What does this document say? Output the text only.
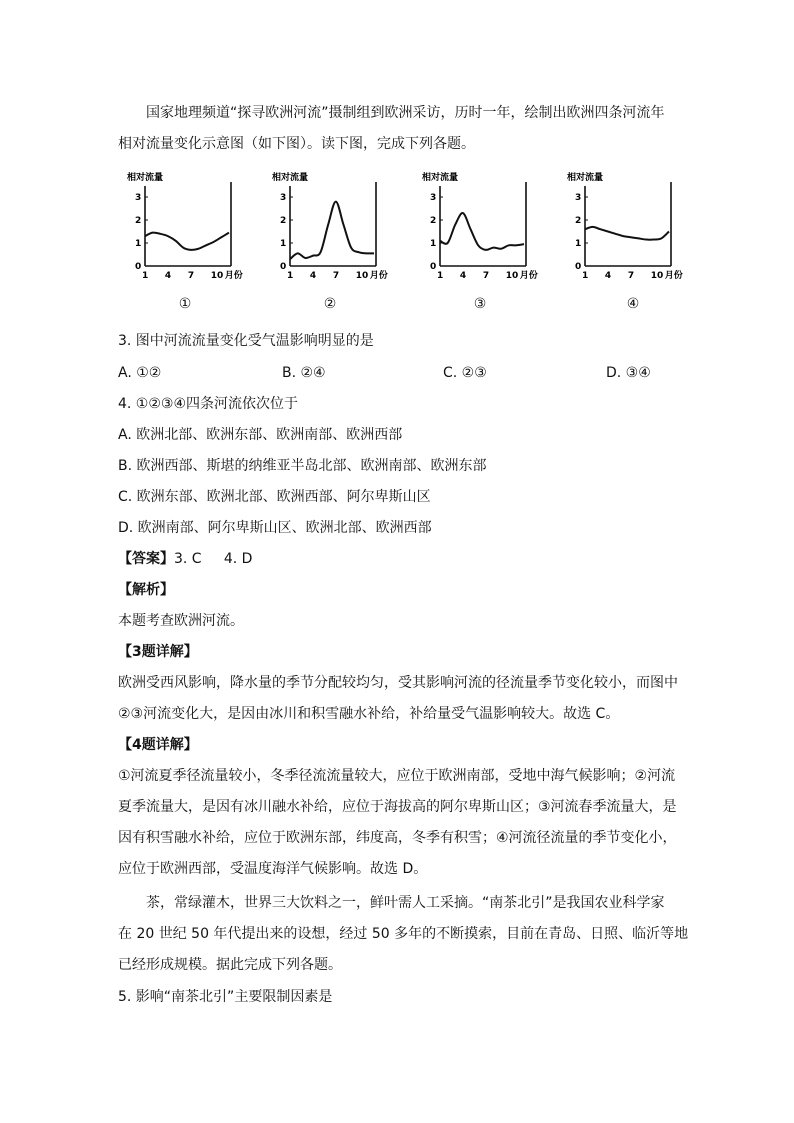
国家地理频道“探寻欧洲河流”摄制组到欧洲采访，历时一年，绘制出欧洲四条河流年
相对流量变化示意图（如下图）。读下图，完成下列各题。
相对流量
0
1
2
3
1 4 7 10 月份
①
相对流量
0
1
2
3
1 4 7 10 月份
②
相对流量
0
1
2
3
1 4 7 10 月份
③
相对流量
0
1
2
3
1 4 7 10 月份
④
3. 图中河流流量变化受气温影响明显的是
A. ①②	B. ②④	C. ②③	D. ③④
4. ①②③④四条河流依次位于
A. 欧洲北部、欧洲东部、欧洲南部、欧洲西部
B. 欧洲西部、斯堪的纳维亚半岛北部、欧洲南部、欧洲东部
C. 欧洲东部、欧洲北部、欧洲西部、阿尔卑斯山区
D. 欧洲南部、阿尔卑斯山区、欧洲北部、欧洲西部
【答案】3. C     4. D
【解析】
本题考查欧洲河流。
【3题详解】
欧洲受西风影响，降水量的季节分配较均匀，受其影响河流的径流量季节变化较小，而图中
②③河流变化大，是因由冰川和积雪融水补给，补给量受气温影响较大。故选 C。
【4题详解】
①河流夏季径流量较小，冬季径流流量较大，应位于欧洲南部，受地中海气候影响；②河流
夏季流量大，是因有冰川融水补给，应位于海拔高的阿尔卑斯山区；③河流春季流量大，是
因有积雪融水补给，应位于欧洲东部，纬度高，冬季有积雪；④河流径流量的季节变化小，
应位于欧洲西部，受温度海洋气候影响。故选 D。
茶，常绿灌木，世界三大饮料之一，鲜叶需人工采摘。“南茶北引”是我国农业科学家
在 20 世纪 50 年代提出来的设想，经过 50 多年的不断摸索，目前在青岛、日照、临沂等地
已经形成规模。据此完成下列各题。
5. 影响“南茶北引”主要限制因素是
